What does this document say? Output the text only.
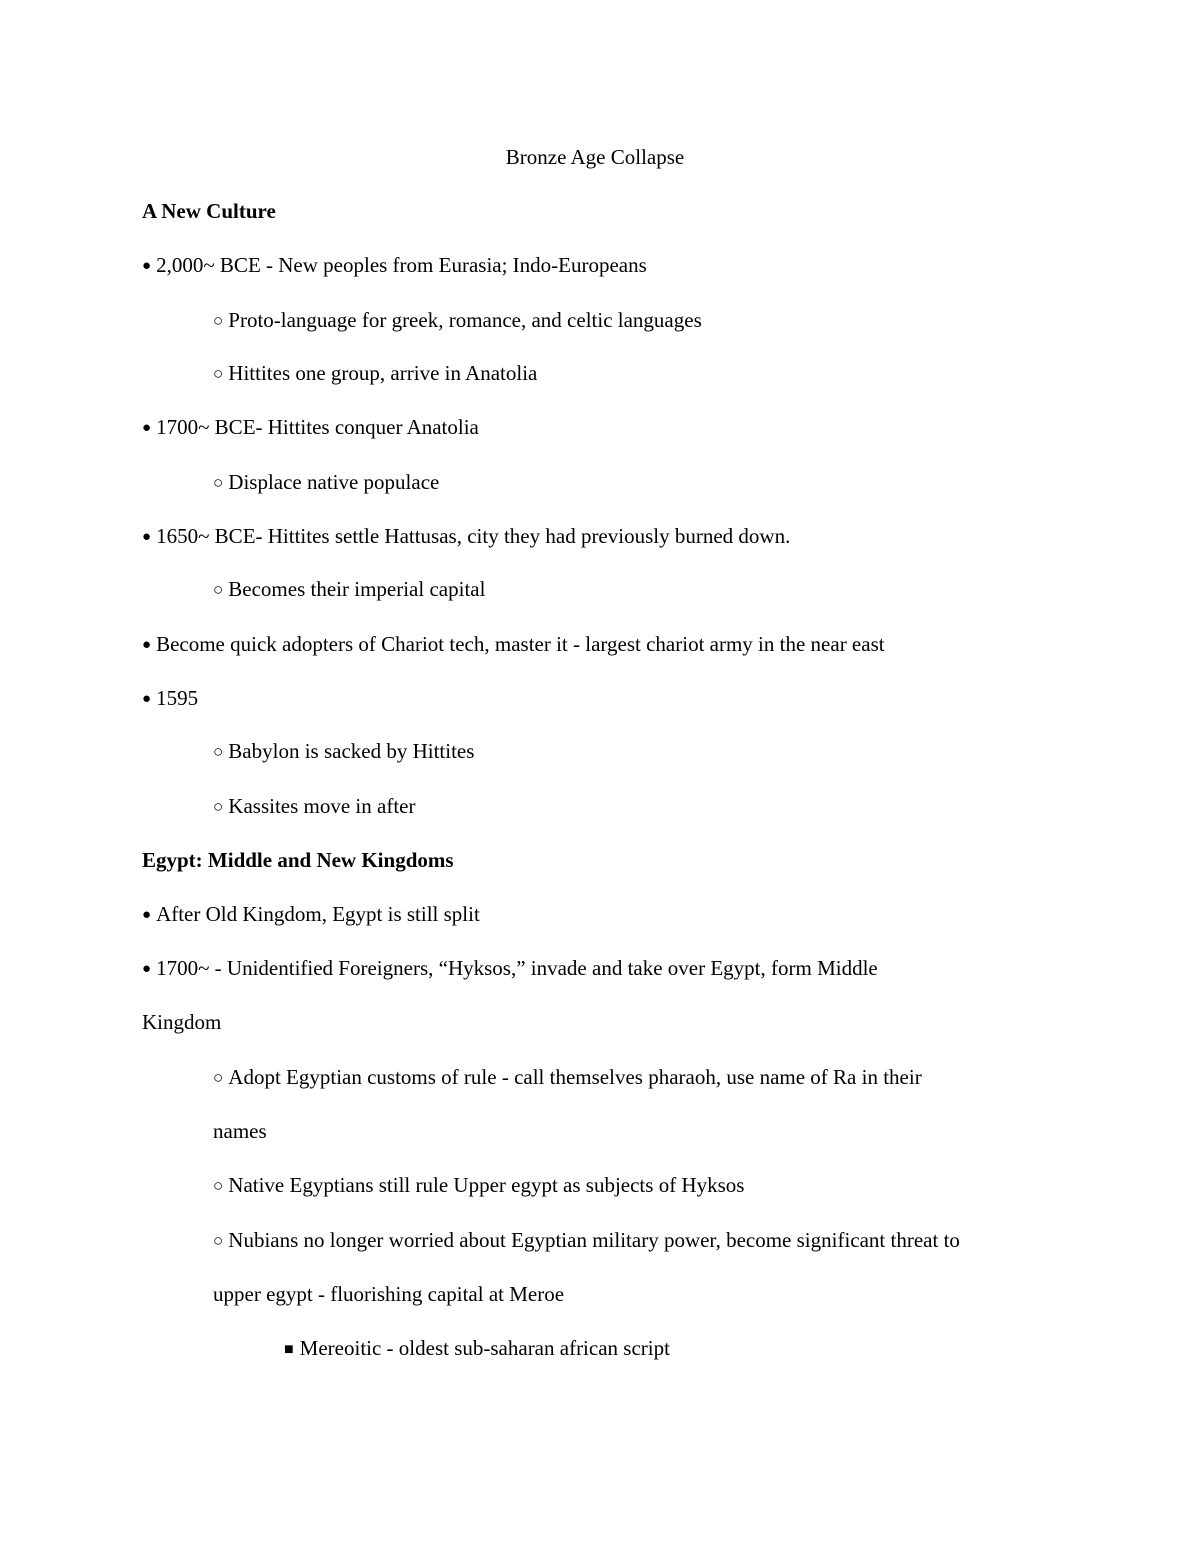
Bronze Age Collapse
A New Culture
● 2,000~ BCE - New peoples from Eurasia; Indo-Europeans
○ Proto-language for greek, romance, and celtic languages
○ Hittites one group, arrive in Anatolia
● 1700~ BCE- Hittites conquer Anatolia
○ Displace native populace
● 1650~ BCE- Hittites settle Hattusas, city they had previously burned down.
○ Becomes their imperial capital
● Become quick adopters of Chariot tech, master it - largest chariot army in the near east
● 1595
○ Babylon is sacked by Hittites
○ Kassites move in after
Egypt: Middle and New Kingdoms
● After Old Kingdom, Egypt is still split
● 1700~ - Unidentified Foreigners, “Hyksos,” invade and take over Egypt, form Middle
Kingdom
○ Adopt Egyptian customs of rule - call themselves pharaoh, use name of Ra in their
names
○ Native Egyptians still rule Upper egypt as subjects of Hyksos
○ Nubians no longer worried about Egyptian military power, become significant threat to
upper egypt - fluorishing capital at Meroe
■ Mereoitic - oldest sub-saharan african script
